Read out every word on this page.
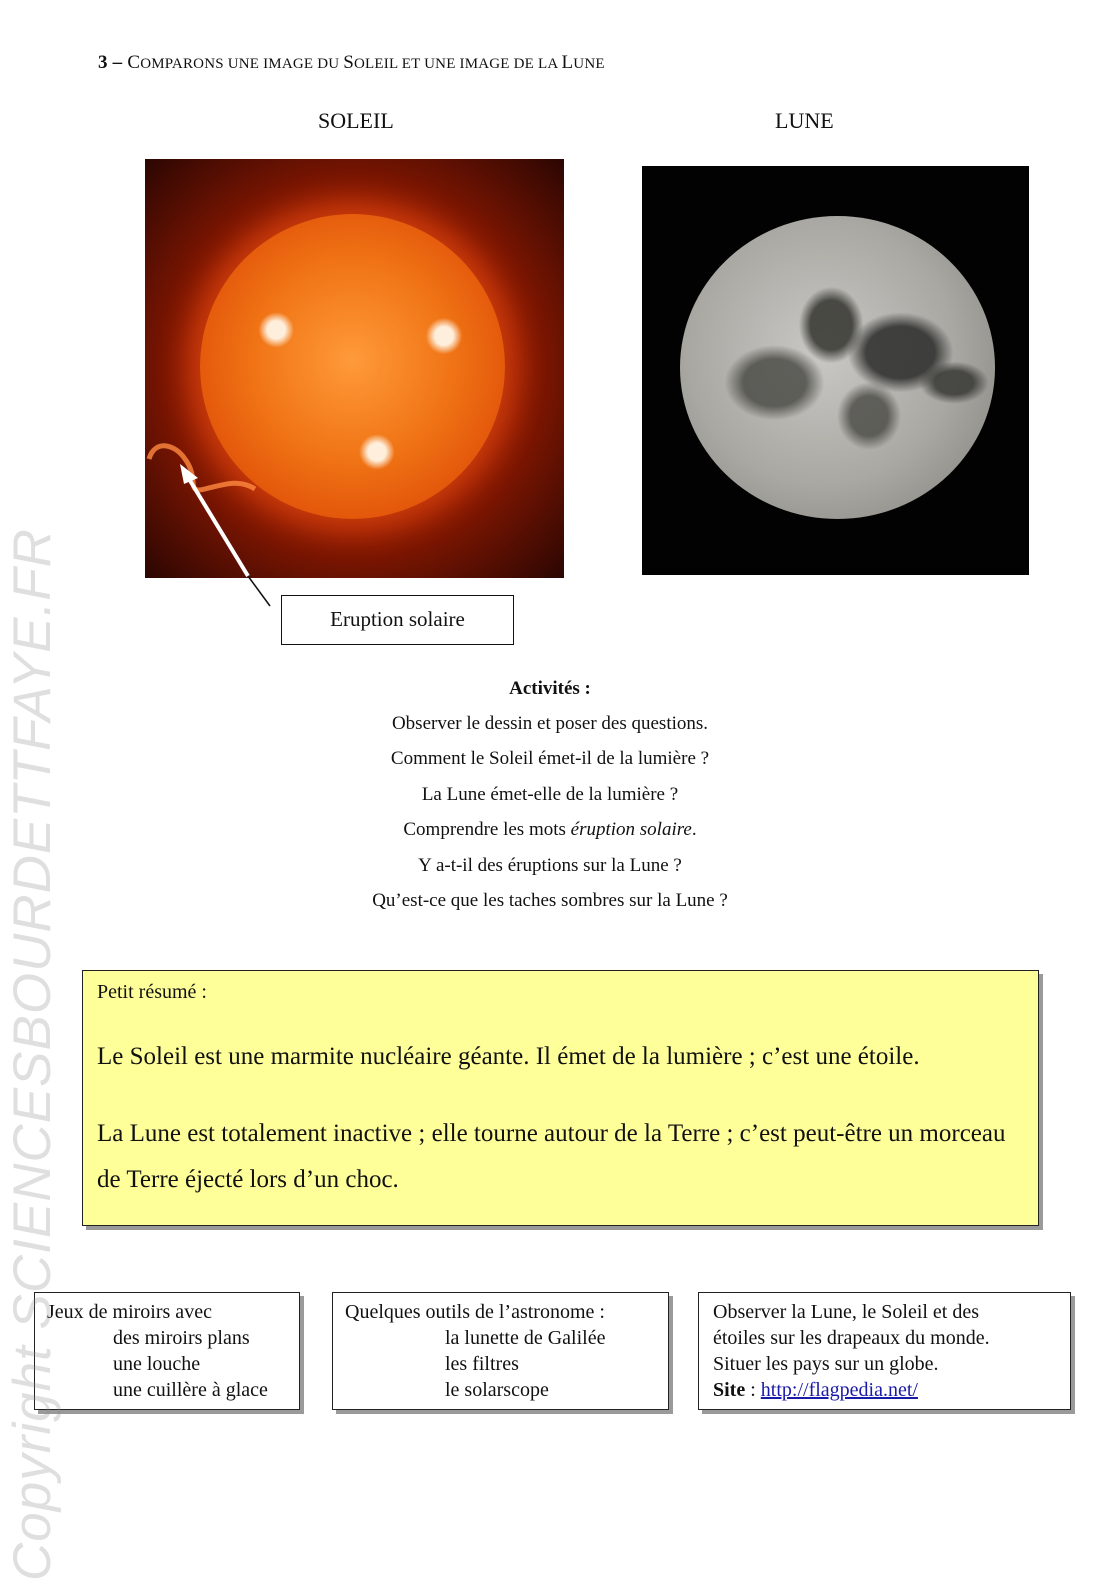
3 – COMPARONS UNE IMAGE DU SOLEIL ET UNE IMAGE DE LA LUNE
SOLEIL	LUNE
Eruption solaire
Activités :
Observer le dessin et poser des questions.
Comment le Soleil émet-il de la lumière ?
La Lune émet-elle de la lumière ?
Comprendre les mots éruption solaire.
Y a-t-il des éruptions sur la Lune ?
Qu’est-ce que les taches sombres sur la Lune ?
Petit résumé :
Le Soleil est une marmite nucléaire géante. Il émet de la lumière ; c’est une étoile.
La Lune est totalement inactive ; elle tourne autour de la Terre ; c’est peut-être un morceau de Terre éjecté lors d’un choc.
Jeux de miroirs avec
des miroirs plans
une louche
une cuillère à glace
Quelques outils de l’astronome :
la lunette de Galilée
les filtres
le solarscope
Observer la Lune, le Soleil et des
étoiles sur les drapeaux du monde.
Situer les pays sur un globe.
Site : http://flagpedia.net/
Copyright SCIENCESBOURDETTFAYE.FR
